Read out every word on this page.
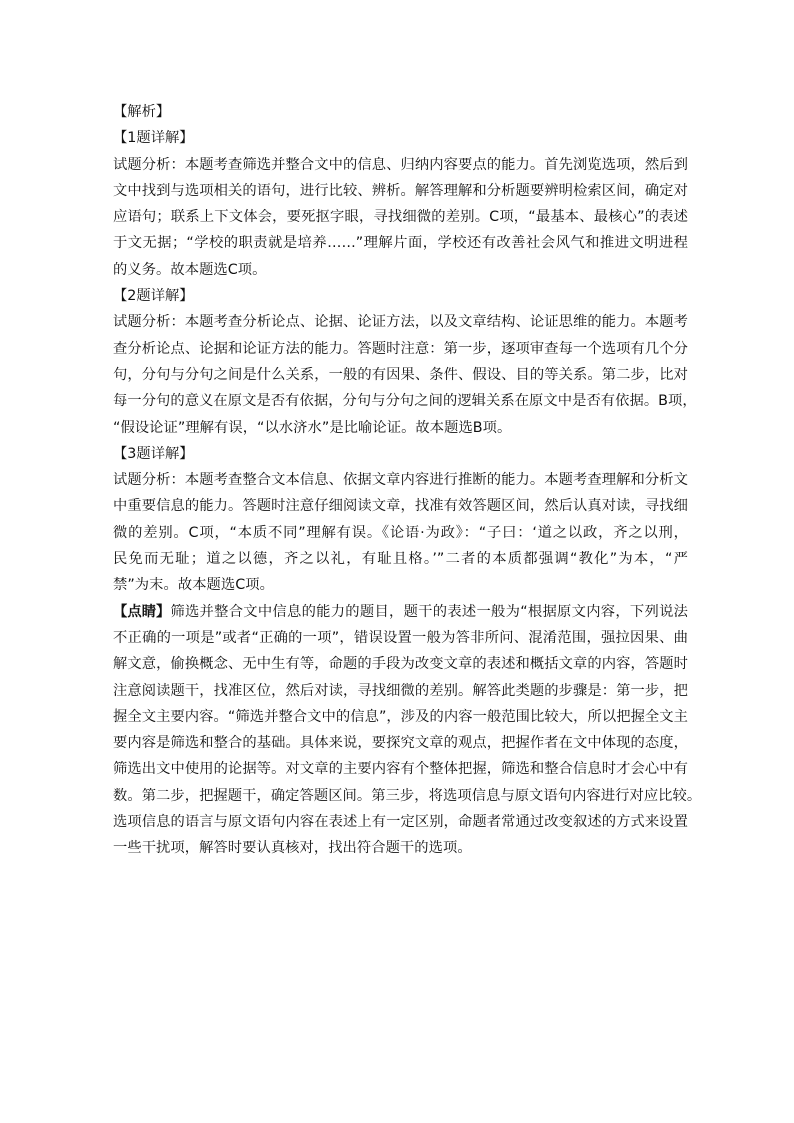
【解析】
【1题详解】
试题分析：本题考查筛选并整合文中的信息、归纳内容要点的能力。首先浏览选项，然后到
文中找到与选项相关的语句，进行比较、辨析。解答理解和分析题要辨明检索区间，确定对
应语句；联系上下文体会，要死抠字眼，寻找细微的差别。C项，“最基本、最核心”的表述
于文无据；“学校的职责就是培养……”理解片面，学校还有改善社会风气和推进文明进程
的义务。故本题选C项。
【2题详解】
试题分析：本题考查分析论点、论据、论证方法，以及文章结构、论证思维的能力。本题考
查分析论点、论据和论证方法的能力。答题时注意：第一步，逐项审查每一个选项有几个分
句，分句与分句之间是什么关系，一般的有因果、条件、假设、目的等关系。第二步，比对
每一分句的意义在原文是否有依据，分句与分句之间的逻辑关系在原文中是否有依据。B项，
“假设论证”理解有误，“以水济水”是比喻论证。故本题选B项。
【3题详解】
试题分析：本题考查整合文本信息、依据文章内容进行推断的能力。本题考查理解和分析文
中重要信息的能力。答题时注意仔细阅读文章，找准有效答题区间，然后认真对读，寻找细
微的差别。C项，“本质不同”理解有误。《论语·为政》：“子曰：‘道之以政，齐之以刑，
民免而无耻；道之以德，齐之以礼，有耻且格。’”二者的本质都强调“教化”为本，“严
禁”为末。故本题选C项。
【点睛】 筛选并整合文中信息的能力的题目，题干的表述一般为“根据原文内容，下列说法
不正确的一项是”或者“正确的一项”，错误设置一般为答非所问、混淆范围，强拉因果、曲
解文意，偷换概念、无中生有等，命题的手段为改变文章的表述和概括文章的内容，答题时
注意阅读题干，找准区位，然后对读，寻找细微的差别。解答此类题的步骤是：第一步，把
握全文主要内容。“筛选并整合文中的信息”，涉及的内容一般范围比较大，所以把握全文主
要内容是筛选和整合的基础。具体来说，要探究文章的观点，把握作者在文中体现的态度，
筛选出文中使用的论据等。对文章的主要内容有个整体把握，筛选和整合信息时才会心中有
数。第二步，把握题干，确定答题区间。第三步，将选项信息与原文语句内容进行对应比较。
选项信息的语言与原文语句内容在表述上有一定区别，命题者常通过改变叙述的方式来设置
一些干扰项，解答时要认真核对，找出符合题干的选项。
